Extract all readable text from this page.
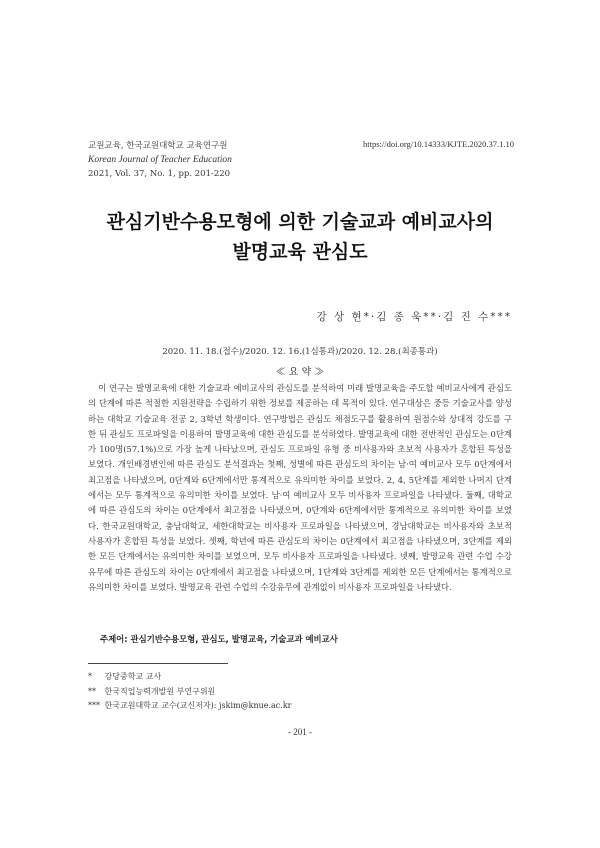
교원교육, 한국교원대학교 교육연구원
Korean Journal of Teacher Education
2021, Vol. 37, No. 1, pp. 201-220
https://doi.org/10.14333/KJTE.2020.37.1.10
관심기반수용모형에 의한 기술교과 예비교사의
발명교육 관심도
강 상 현*·김 종 욱**·김 진 수***
2020. 11. 18.(접수)/2020. 12. 16.(1심통과)/2020. 12. 28.(최종통과)
≪ 요 약 ≫

이 연구는 발명교육에 대한 기술교과 예비교사의 관심도를 분석하여 미래 발명교육을 주도할 예비교사에게 관심도의 단계에 따른 적절한 지원전략을 수립하기 위한 정보를 제공하는 데 목적이 있다. 연구대상은 중등 기술교사를 양성하는 대학교 기술교육 전공 2, 3학년 학생이다. 연구방법은 관심도 채점도구를 활용하여 원점수와 상대적 강도를 구한 뒤 관심도 프로파일을 이용하여 발명교육에 대한 관심도를 분석하였다. 발명교육에 대한 전반적인 관심도는 0단계가 100명(57.1%)으로 가장 높게 나타났으며, 관심도 프로파일 유형 중 비사용자와 초보적 사용자가 혼합된 특성을 보였다. 개인배경변인에 따른 관심도 분석결과는 첫째, 성별에 따른 관심도의 차이는 남·여 예비교사 모두 0단계에서 최고점을 나타냈으며, 0단계와 6단계에서만 통계적으로 유의미한 차이를 보였다. 2, 4, 5단계를 제외한 나머지 단계에서는 모두 통계적으로 유의미한 차이를 보였다. 남·여 예비교사 모두 비사용자 프로파일을 나타냈다. 둘째, 대학교에 따른 관심도의 차이는 0단계에서 최고점을 나타냈으며, 0단계와 6단계에서만 통계적으로 유의미한 차이를 보였다. 한국교원대학교, 충남대학교, 세한대학교는 비사용자 프로파일을 나타냈으며, 경남대학교는 비사용자와 초보적 사용자가 혼합된 특성을 보였다. 셋째, 학년에 따른 관심도의 차이는 0단계에서 최고점을 나타냈으며, 3단계를 제외한 모든 단계에서는 유의미한 차이를 보였으며, 모두 비사용자 프로파일을 나타냈다. 넷째, 발명교육 관련 수업 수강유무에 따른 관심도의 차이는 0단계에서 최고점을 나타냈으며, 1단계와 3단계를 제외한 모든 단계에서는 통계적으로 유의미한 차이를 보였다. 발명교육 관련 수업의 수강유무에 관계없이 비사용자 프로파일을 나타냈다.

주제어: 관심기반수용모형, 관심도, 발명교육, 기술교과 예비교사
* 강당중학교 교사
** 한국직업능력개발원 부연구위원
*** 한국교원대학교 교수(교신저자): jskim@knue.ac.kr
- 201 -
